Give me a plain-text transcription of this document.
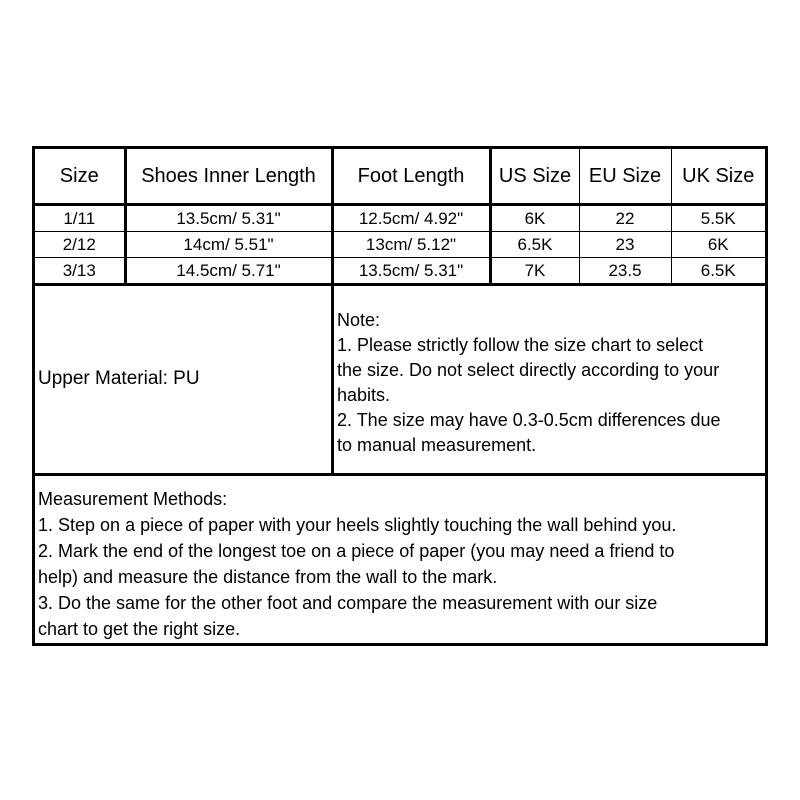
Size	Shoes Inner Length	Foot Length	US Size	EU Size	UK Size
1/11	13.5cm/ 5.31"	12.5cm/ 4.92"	6K	22	5.5K
2/12	14cm/ 5.51"	13cm/ 5.12"	6.5K	23	6K
3/13	14.5cm/ 5.71"	13.5cm/ 5.31"	7K	23.5	6.5K
Upper Material: PU
Note:
1. Please strictly follow the size chart to select
the size. Do not select directly according to your
habits.
2. The size may have 0.3-0.5cm differences due
to manual measurement.
Measurement Methods:
1. Step on a piece of paper with your heels slightly touching the wall behind you.
2. Mark the end of the longest toe on a piece of paper (you may need a friend to
help) and measure the distance from the wall to the mark.
3. Do the same for the other foot and compare the measurement with our size
chart to get the right size.
